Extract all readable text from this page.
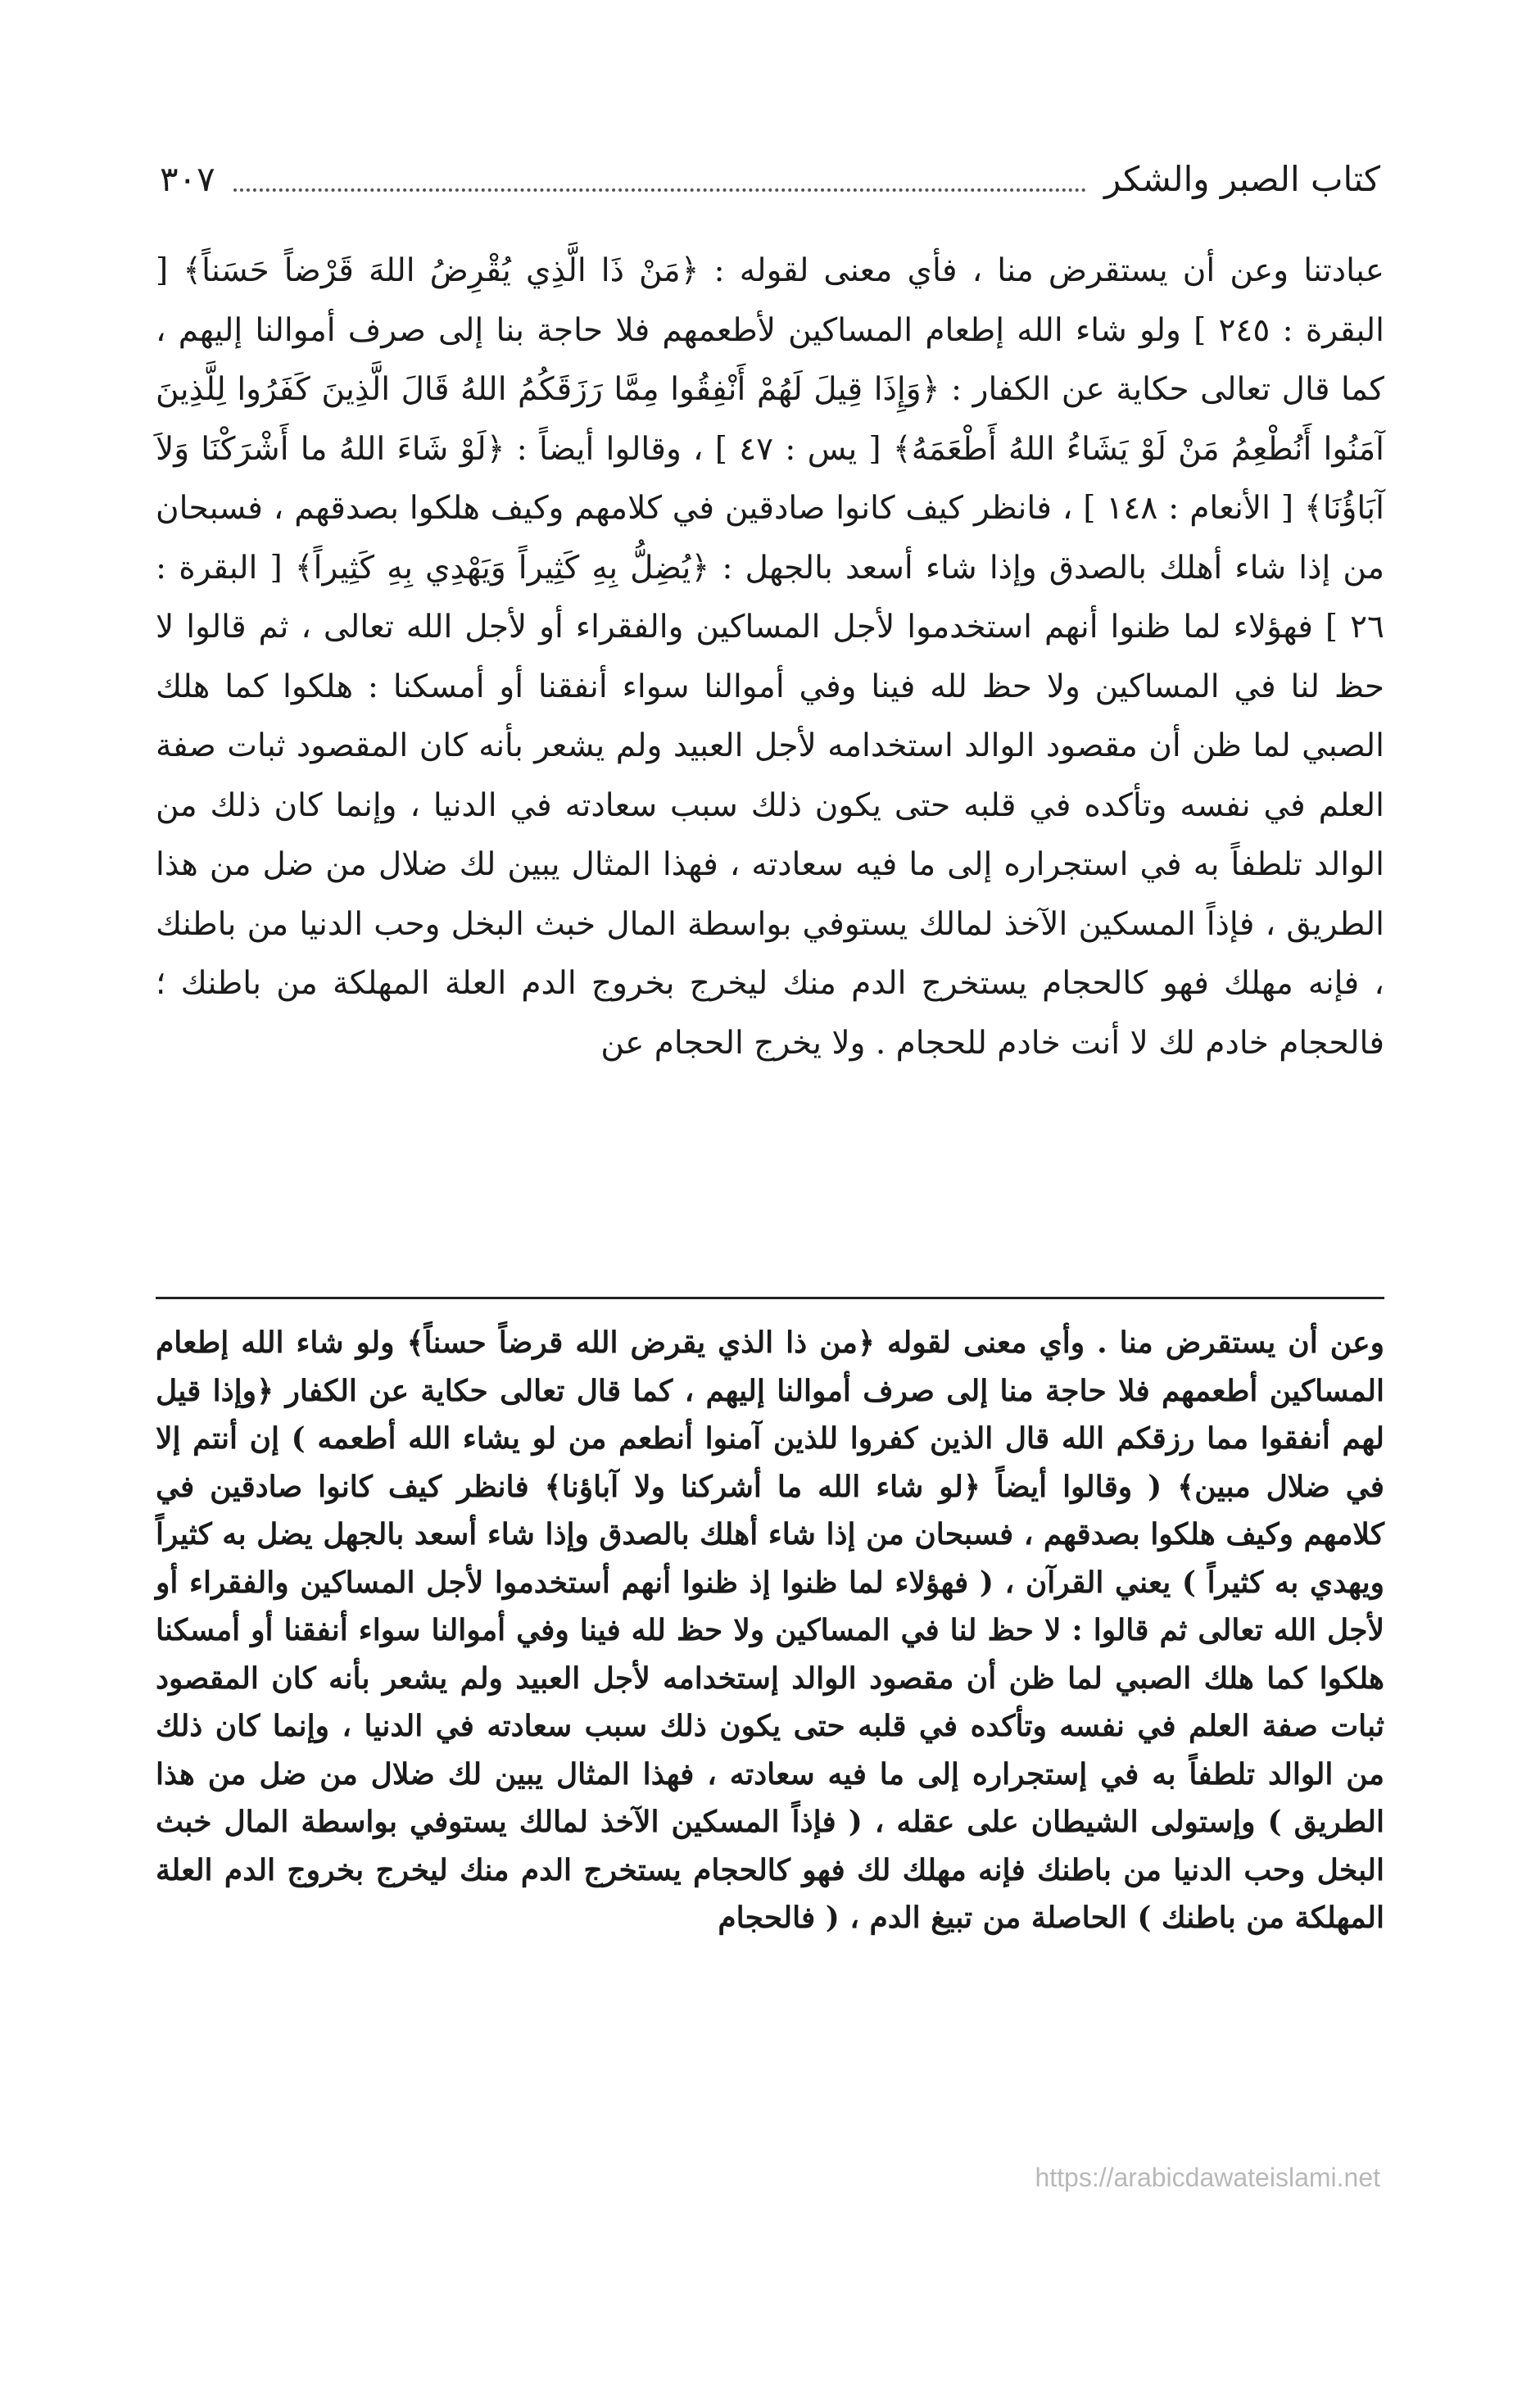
كتاب الصبر والشكر
٣٠٧

عبادتنا وعن أن يستقرض منا ، فأي معنى لقوله : ﴿مَنْ ذَا الَّذِي يُقْرِضُ اللهَ قَرْضاً حَسَناً﴾ [ البقرة : ٢٤٥ ] ولو شاء الله إطعام المساكين لأطعمهم فلا حاجة بنا إلى صرف أموالنا إليهم ، كما قال تعالى حكاية عن الكفار : ﴿وَإِذَا قِيلَ لَهُمْ أَنْفِقُوا مِمَّا رَزَقَكُمُ اللهُ قَالَ الَّذِينَ كَفَرُوا لِلَّذِينَ آمَنُوا أَنُطْعِمُ مَنْ لَوْ يَشَاءُ اللهُ أَطْعَمَهُ﴾ [ يس : ٤٧ ] ، وقالوا أيضاً : ﴿لَوْ شَاءَ اللهُ ما أَشْرَكْنَا وَلاَ آبَاؤُنَا﴾ [ الأنعام : ١٤٨ ] ، فانظر كيف كانوا صادقين في كلامهم وكيف هلكوا بصدقهم ، فسبحان من إذا شاء أهلك بالصدق وإذا شاء أسعد بالجهل : ﴿يُضِلُّ بِهِ كَثِيراً وَيَهْدِي بِهِ كَثِيراً﴾ [ البقرة : ٢٦ ] فهؤلاء لما ظنوا أنهم استخدموا لأجل المساكين والفقراء أو لأجل الله تعالى ، ثم قالوا لا حظ لنا في المساكين ولا حظ لله فينا وفي أموالنا سواء أنفقنا أو أمسكنا : هلكوا كما هلك الصبي لما ظن أن مقصود الوالد استخدامه لأجل العبيد ولم يشعر بأنه كان المقصود ثبات صفة العلم في نفسه وتأكده في قلبه حتى يكون ذلك سبب سعادته في الدنيا ، وإنما كان ذلك من الوالد تلطفاً به في استجراره إلى ما فيه سعادته ، فهذا المثال يبين لك ضلال من ضل من هذا الطريق ، فإذاً المسكين الآخذ لمالك يستوفي بواسطة المال خبث البخل وحب الدنيا من باطنك ، فإنه مهلك فهو كالحجام يستخرج الدم منك ليخرج بخروج الدم العلة المهلكة من باطنك ؛ فالحجام خادم لك لا أنت خادم للحجام . ولا يخرج الحجام عن

وعن أن يستقرض منا . وأي معنى لقوله ﴿من ذا الذي يقرض الله قرضاً حسناً﴾ ولو شاء الله إطعام المساكين أطعمهم فلا حاجة منا إلى صرف أموالنا إليهم ، كما قال تعالى حكاية عن الكفار ﴿وإذا قيل لهم أنفقوا مما رزقكم الله قال الذين كفروا للذين آمنوا أنطعم من لو يشاء الله أطعمه ) إن أنتم إلا في ضلال مبين﴾ ( وقالوا أيضاً ﴿لو شاء الله ما أشركنا ولا آباؤنا﴾ فانظر كيف كانوا صادقين في كلامهم وكيف هلكوا بصدقهم ، فسبحان من إذا شاء أهلك بالصدق وإذا شاء أسعد بالجهل يضل به كثيراً ويهدي به كثيراً ) يعني القرآن ، ( فهؤلاء لما ظنوا إذ ظنوا أنهم أستخدموا لأجل المساكين والفقراء أو لأجل الله تعالى ثم قالوا : لا حظ لنا في المساكين ولا حظ لله فينا وفي أموالنا سواء أنفقنا أو أمسكنا هلكوا كما هلك الصبي لما ظن أن مقصود الوالد إستخدامه لأجل العبيد ولم يشعر بأنه كان المقصود ثبات صفة العلم في نفسه وتأكده في قلبه حتى يكون ذلك سبب سعادته في الدنيا ، وإنما كان ذلك من الوالد تلطفاً به في إستجراره إلى ما فيه سعادته ، فهذا المثال يبين لك ضلال من ضل من هذا الطريق ) وإستولى الشيطان على عقله ، ( فإذاً المسكين الآخذ لمالك يستوفي بواسطة المال خبث البخل وحب الدنيا من باطنك فإنه مهلك لك فهو كالحجام يستخرج الدم منك ليخرج بخروج الدم العلة المهلكة من باطنك ) الحاصلة من تبيغ الدم ، ( فالحجام

https://arabicdawateislami.net
